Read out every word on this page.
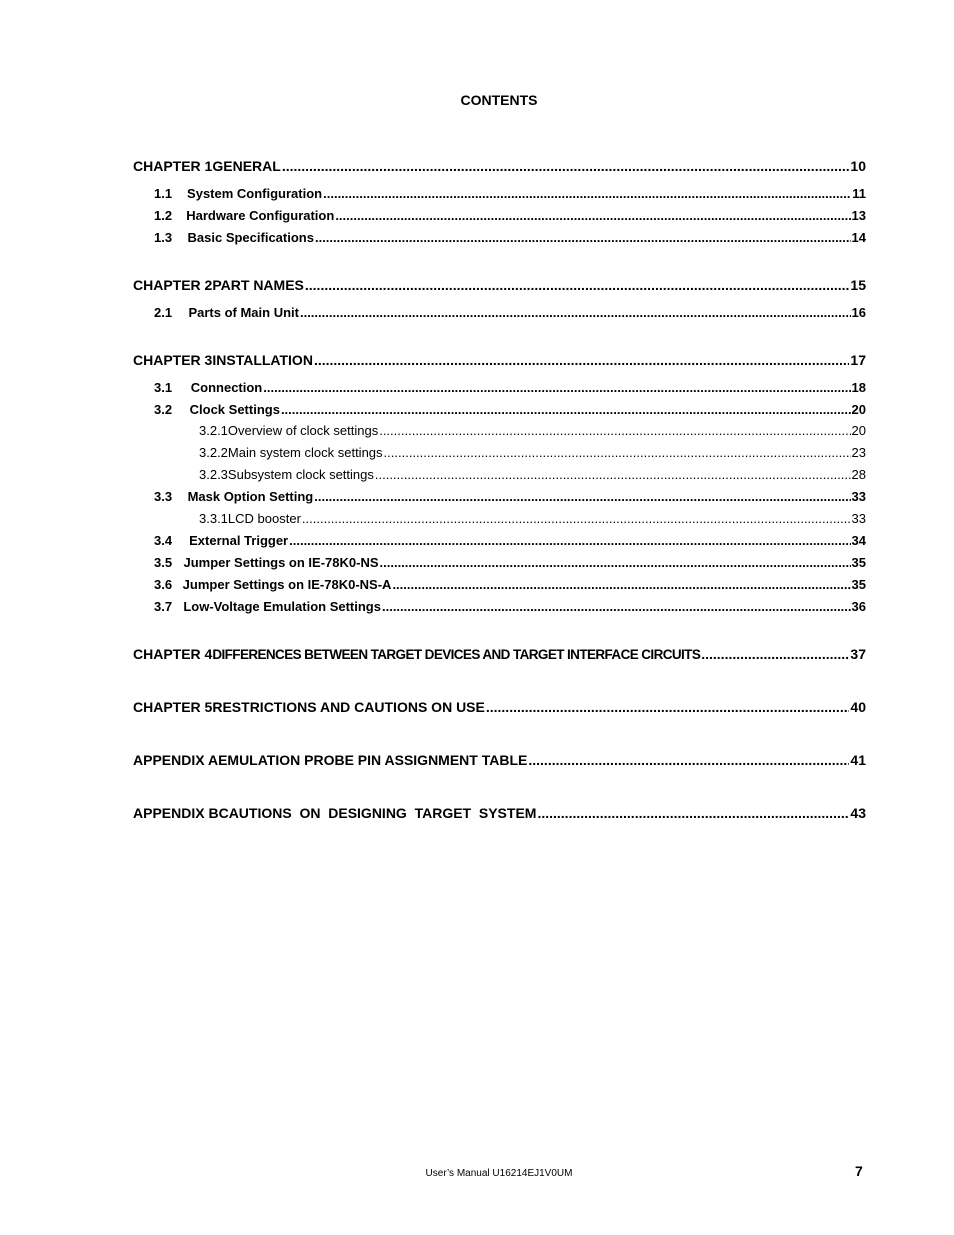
CONTENTS
CHAPTER 1 GENERAL .....	10
1.1	System Configuration .....	11
1.2	Hardware Configuration .....	13
1.3	Basic Specifications .....	14
CHAPTER 2 PART NAMES .....	15
2.1	Parts of Main Unit .....	16
CHAPTER 3 INSTALLATION .....	17
3.1	Connection .....	18
3.2	Clock Settings .....	20
3.2.1 Overview of clock settings .....	20
3.2.2 Main system clock settings .....	23
3.2.3 Subsystem clock settings .....	28
3.3	Mask Option Setting .....	33
3.3.1 LCD booster .....	33
3.4	External Trigger .....	34
3.5 Jumper Settings on IE-78K0-NS .....	35
3.6 Jumper Settings on IE-78K0-NS-A .....	35
3.7 Low-Voltage Emulation Settings .....	36
CHAPTER 4 DIFFERENCES BETWEEN TARGET DEVICES AND TARGET INTERFACE CIRCUITS .....	37
CHAPTER 5 RESTRICTIONS AND CAUTIONS ON USE .....	40
APPENDIX A EMULATION PROBE PIN ASSIGNMENT TABLE .....	41
APPENDIX B CAUTIONS  ON  DESIGNING  TARGET  SYSTEM .....	43
User’s Manual U16214EJ1V0UM	7
